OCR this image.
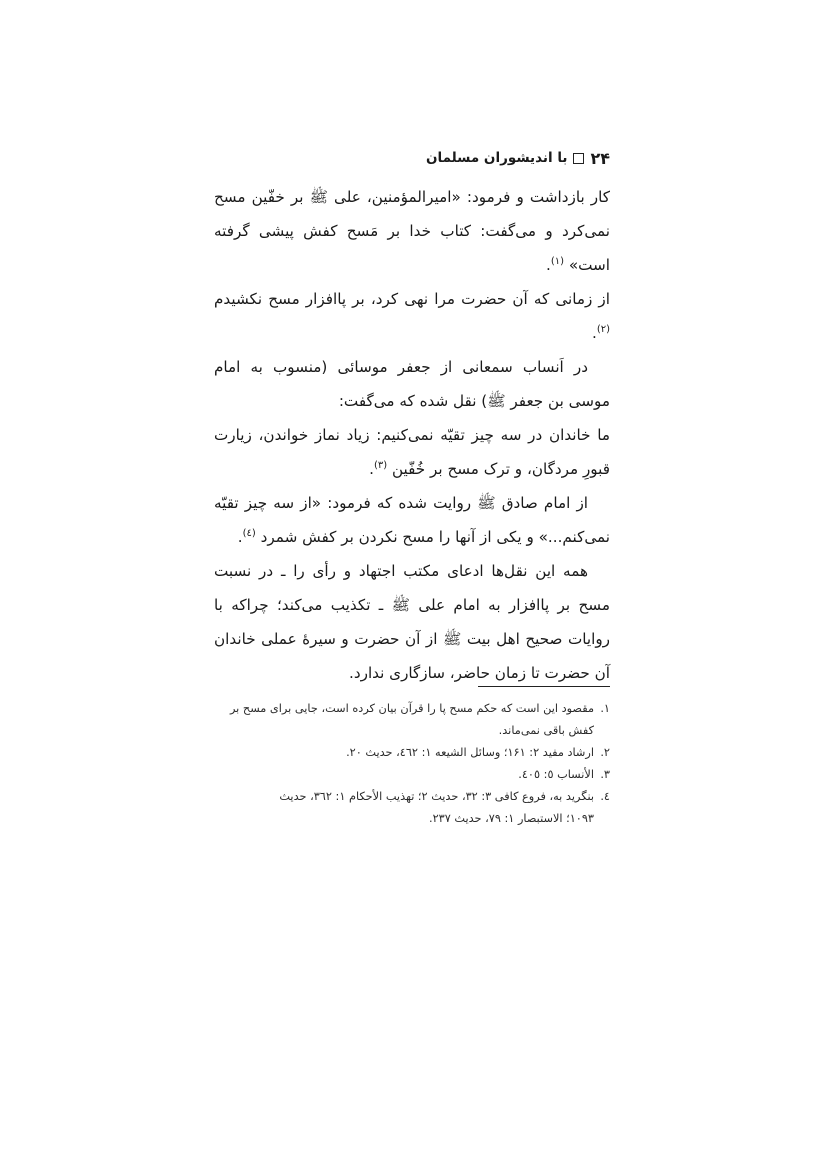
۲۴
با اندیشوران مسلمان

کار بازداشت و فرمود: «امیرالمؤمنین، علی ﷺ بر خفّین مسح نمی‌کرد و می‌گفت: کتاب خدا بر مَسح کفش پیشی گرفته است» $^{(۱)}$.

از زمانی که آن حضرت مرا نهی کرد، بر پاافزار مسح نکشیدم $^{(۲)}$.

در اَنساب سمعانی از جعفر موسائی (منسوب به امام موسی بن جعفر ﷺ) نقل شده که می‌گفت:

ما خاندان در سه چیز تقیّه نمی‌کنیم: زیاد نماز خواندن، زیارت قبورِ مردگان، و ترک مسح بر خُفّین $^{(۳)}$.

از امام صادق ﷺ روایت شده که فرمود: «از سه چیز تقیّه نمی‌کنم...» و یکی از آنها را مسح نکردن بر کفش شمرد $^{(٤)}$.

همه این نقل‌ها ادعای مکتب اجتهاد و رأی را ـ در نسبت مسح بر پاافزار به امام علی ﷺ ـ تکذیب می‌کند؛ چراکه با روایات صحیح اهل بیت ﷺ از آن حضرت و سیرهٔ عملی خاندان آن حضرت تا زمان حاضر، سازگاری ندارد.

۱.مقصود این است که حکم مسح پا را قرآن بیان کرده است، جایی برای مسح بر

کفش باقی نمی‌ماند.

۲.ارشاد مفید ۲: ۱۶۱؛ وسائل الشیعه ۱: ٤٦٢، حدیث ۲۰.

۳.الأنساب ٥: ٤٠٥.

٤.بنگرید به، فروع کافی ۳: ۳۲، حدیث ۲؛ تهذیب الأحکام ۱: ۳٦۲، حدیث

۱۰۹۳؛ الاستبصار ۱: ۷۹، حدیث ۲۳۷.
